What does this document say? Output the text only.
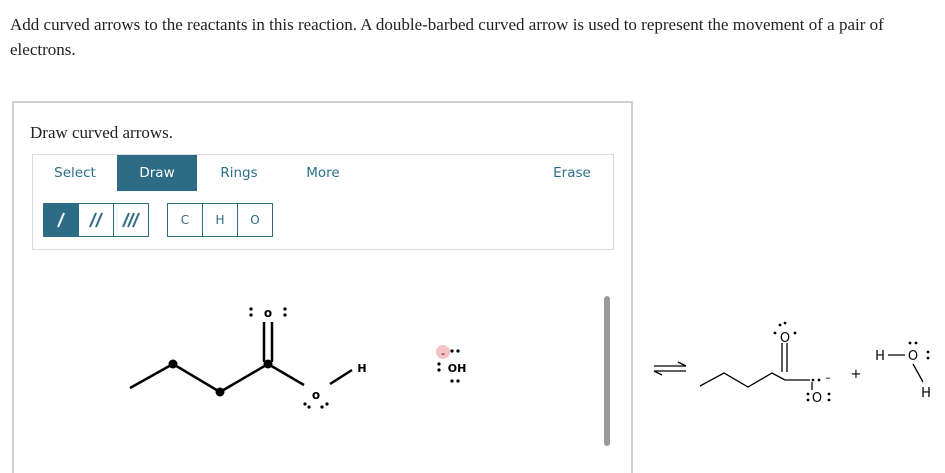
Add curved arrows to the reactants in this reaction. A double-barbed curved arrow is used to represent the movement of a pair of electrons.
Draw curved arrows.
Select	Draw	Rings	More	Erase
C	H	O
o
o
H
-
OH
O
O
– +
H O
H
